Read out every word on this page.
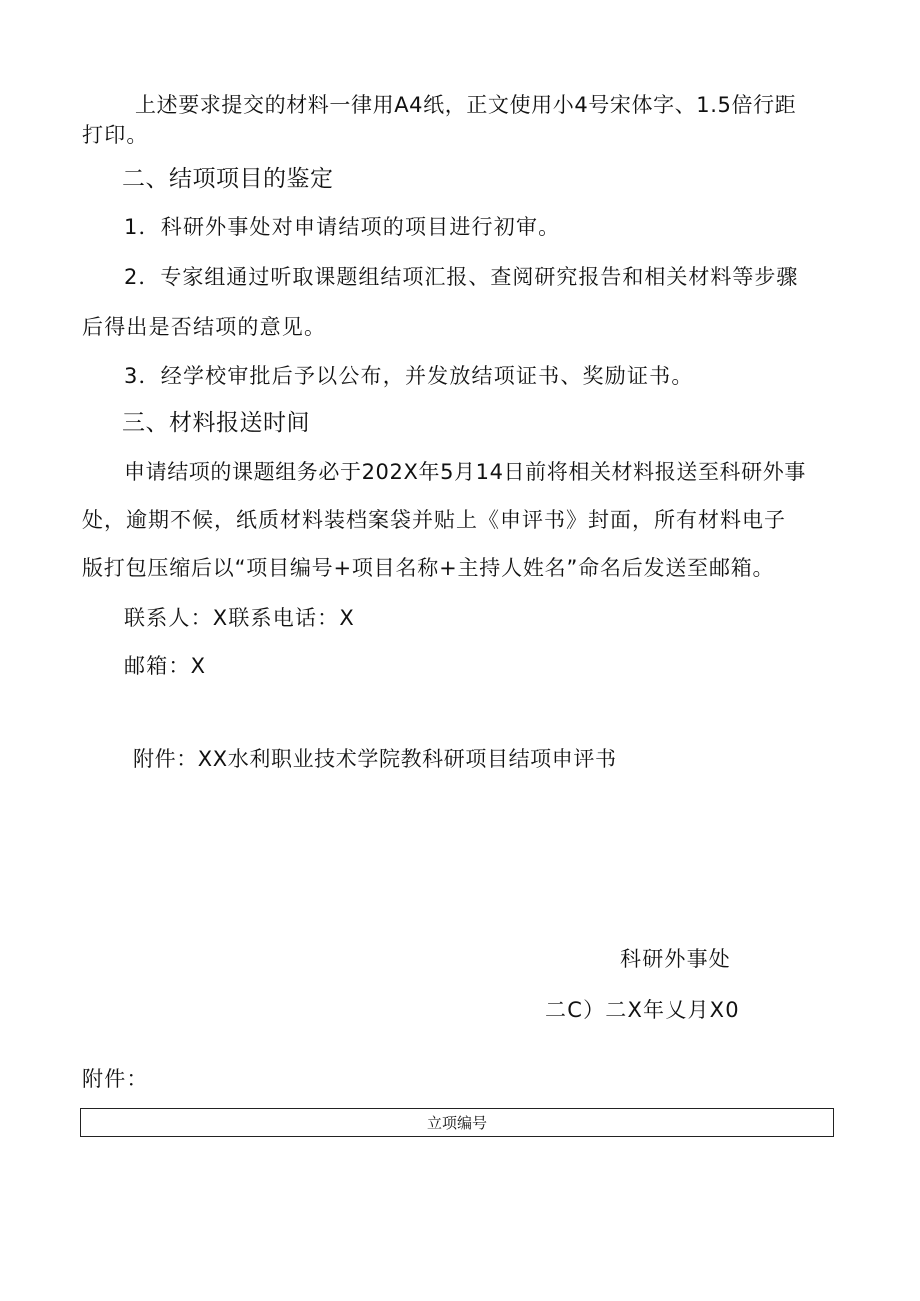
上述要求提交的材料一律用A4纸，正文使用小4号宋体字、1.5倍行距
打印。
二、结项项目的鉴定
1．科研外事处对申请结项的项目进行初审。
2．专家组通过听取课题组结项汇报、查阅研究报告和相关材料等步骤
后得出是否结项的意见。
3．经学校审批后予以公布，并发放结项证书、奖励证书。
三、材料报送时间
申请结项的课题组务必于202X年5月14日前将相关材料报送至科研外事
处，逾期不候，纸质材料装档案袋并贴上《申评书》封面，所有材料电子
版打包压缩后以“项目编号+项目名称+主持人姓名”命名后发送至邮箱。
联系人：X联系电话：X
邮箱：X
附件：XX水利职业技术学院教科研项目结项申评书
科研外事处
二C）二X年乂月X0
附件：
立项编号
